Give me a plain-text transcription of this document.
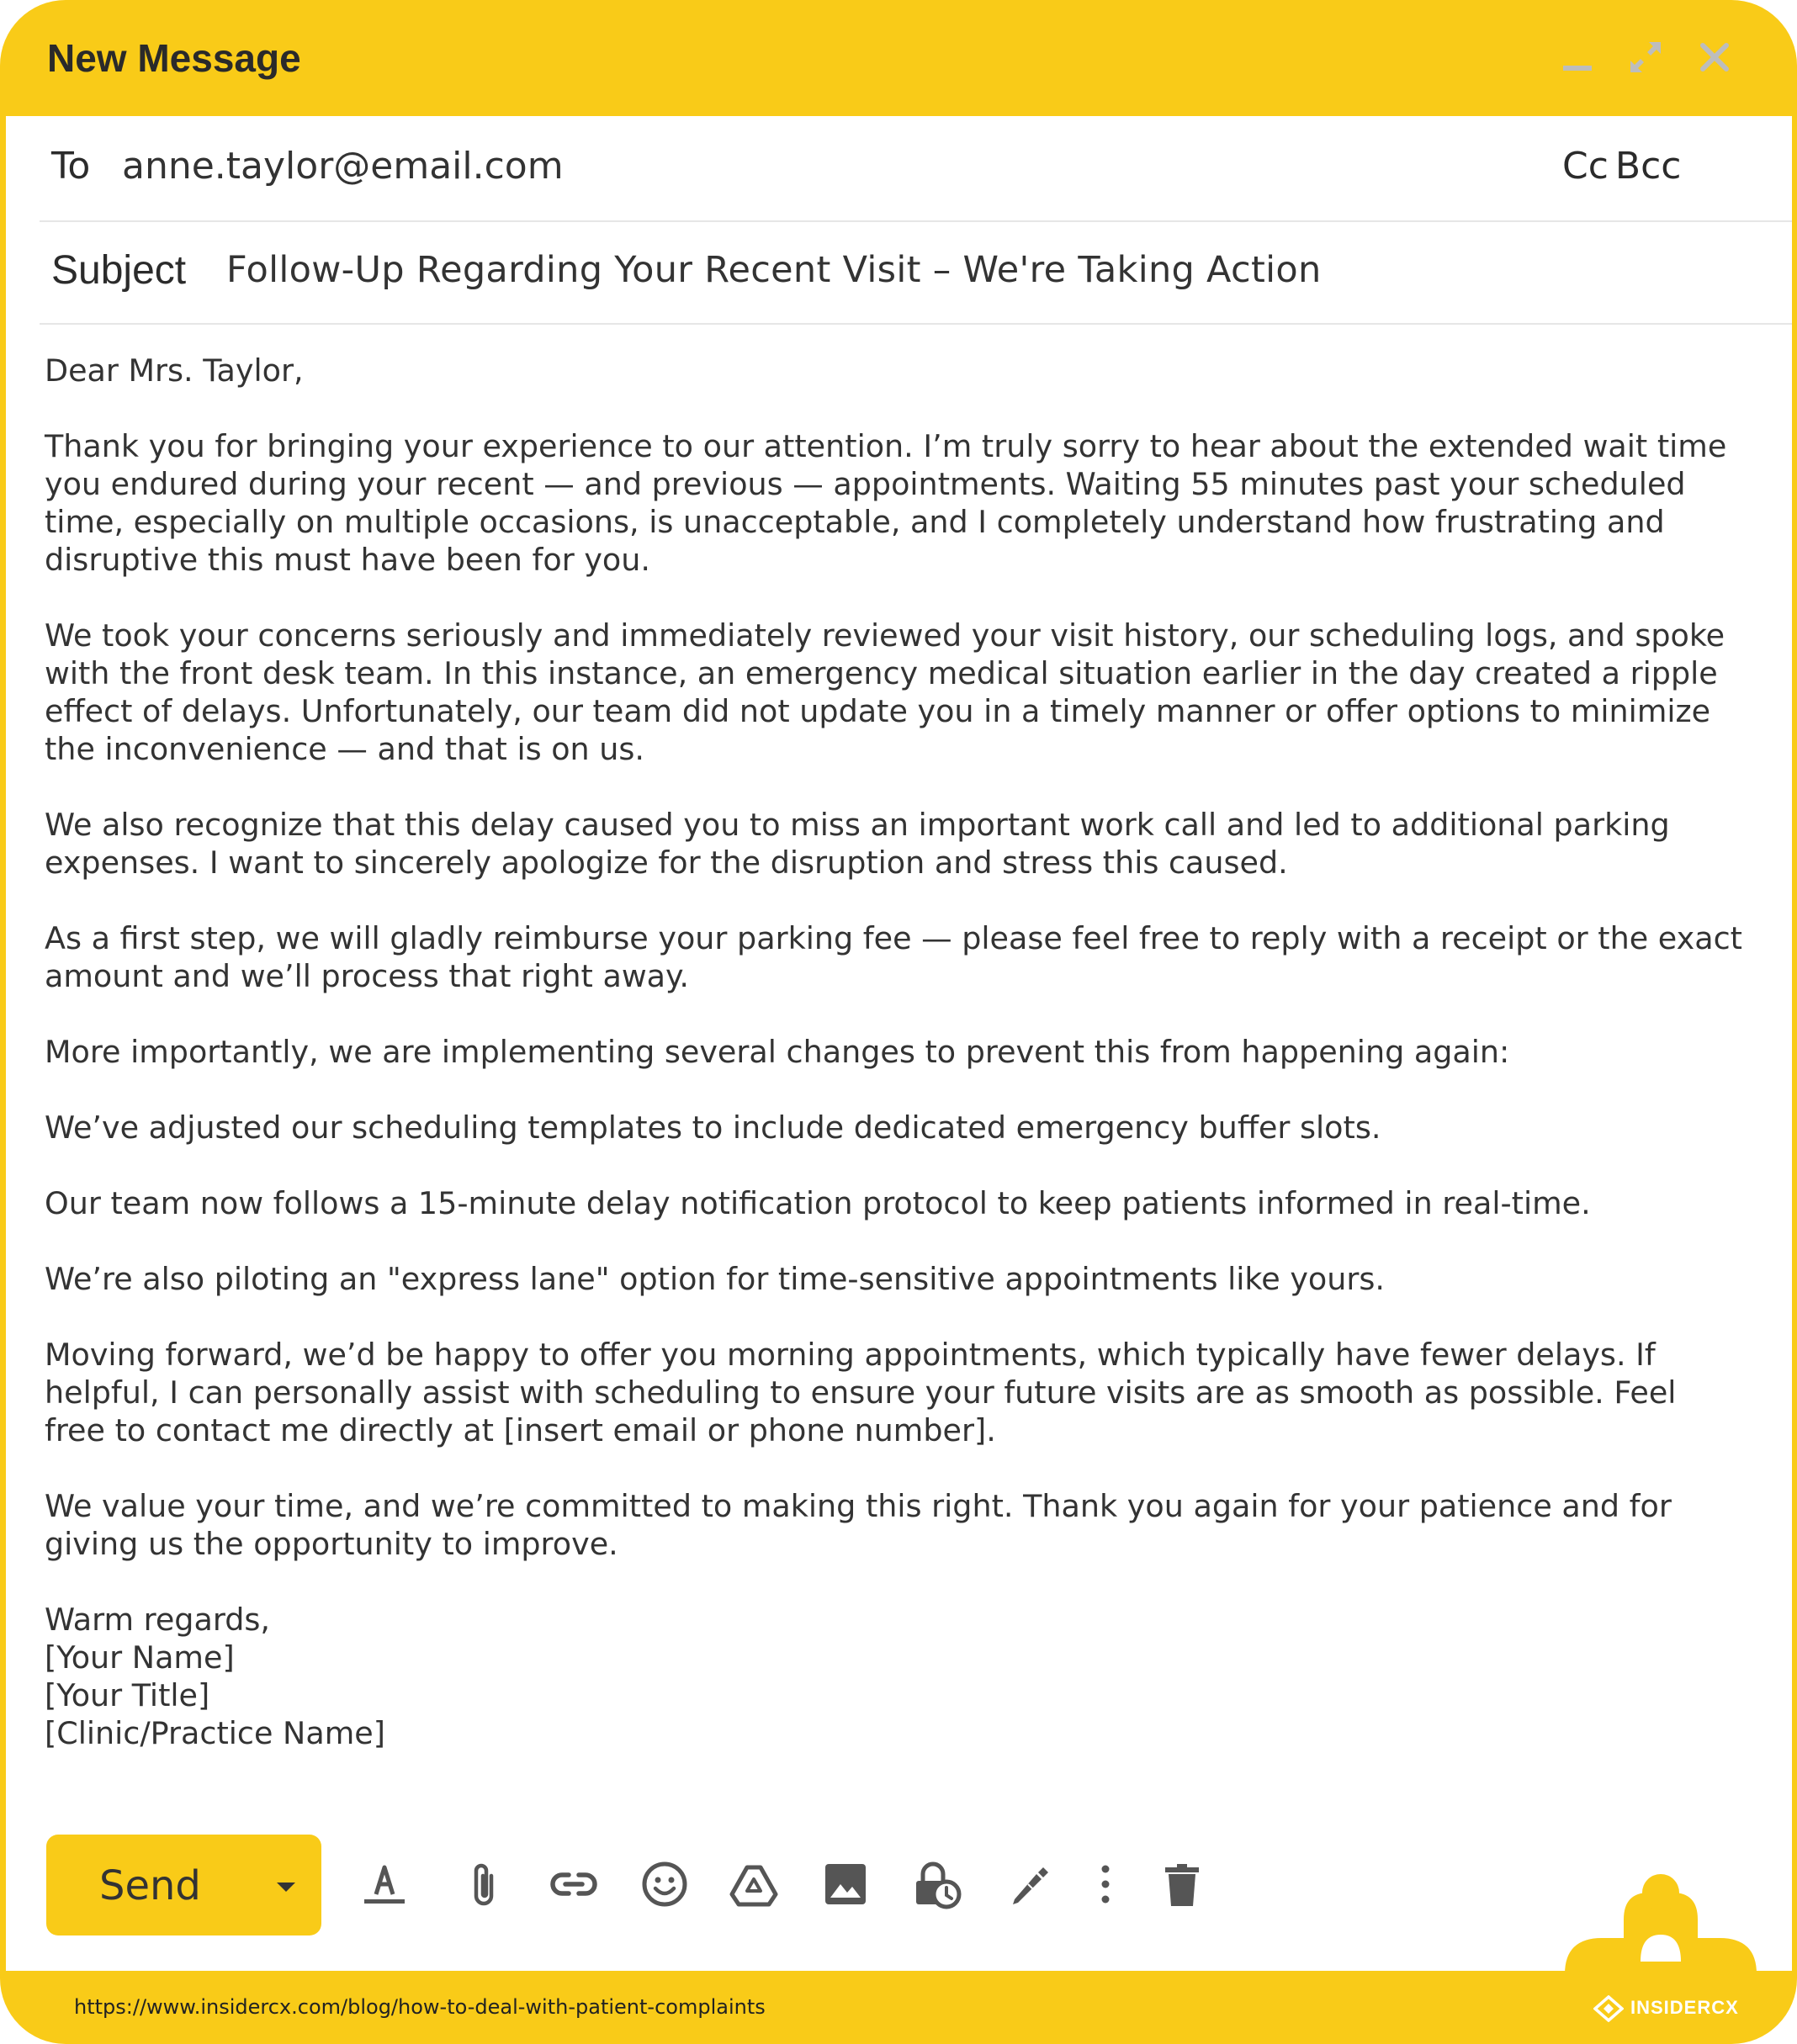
New Message
To anne.taylor@email.com	Cc Bcc
Subject Follow-Up Regarding Your Recent Visit – We're Taking Action

Dear Mrs. Taylor,

Thank you for bringing your experience to our attention. I’m truly sorry to hear about the extended wait time you endured during your recent — and previous — appointments. Waiting 55 minutes past your scheduled time, especially on multiple occasions, is unacceptable, and I completely understand how frustrating and disruptive this must have been for you.

We took your concerns seriously and immediately reviewed your visit history, our scheduling logs, and spoke with the front desk team. In this instance, an emergency medical situation earlier in the day created a ripple effect of delays. Unfortunately, our team did not update you in a timely manner or offer options to minimize the inconvenience — and that is on us.

We also recognize that this delay caused you to miss an important work call and led to additional parking expenses. I want to sincerely apologize for the disruption and stress this caused.

As a first step, we will gladly reimburse your parking fee — please feel free to reply with a receipt or the exact amount and we’ll process that right away.

More importantly, we are implementing several changes to prevent this from happening again:

We’ve adjusted our scheduling templates to include dedicated emergency buffer slots.

Our team now follows a 15-minute delay notification protocol to keep patients informed in real-time.

We’re also piloting an "express lane" option for time-sensitive appointments like yours.

Moving forward, we’d be happy to offer you morning appointments, which typically have fewer delays. If helpful, I can personally assist with scheduling to ensure your future visits are as smooth as possible. Feel free to contact me directly at [insert email or phone number].

We value your time, and we’re committed to making this right. Thank you again for your patience and for giving us the opportunity to improve.

Warm regards,

[Your Name]

[Your Title]

[Clinic/Practice Name]

Send
https://www.insidercx.com/blog/how-to-deal-with-patient-complaints	INSIDERCX
